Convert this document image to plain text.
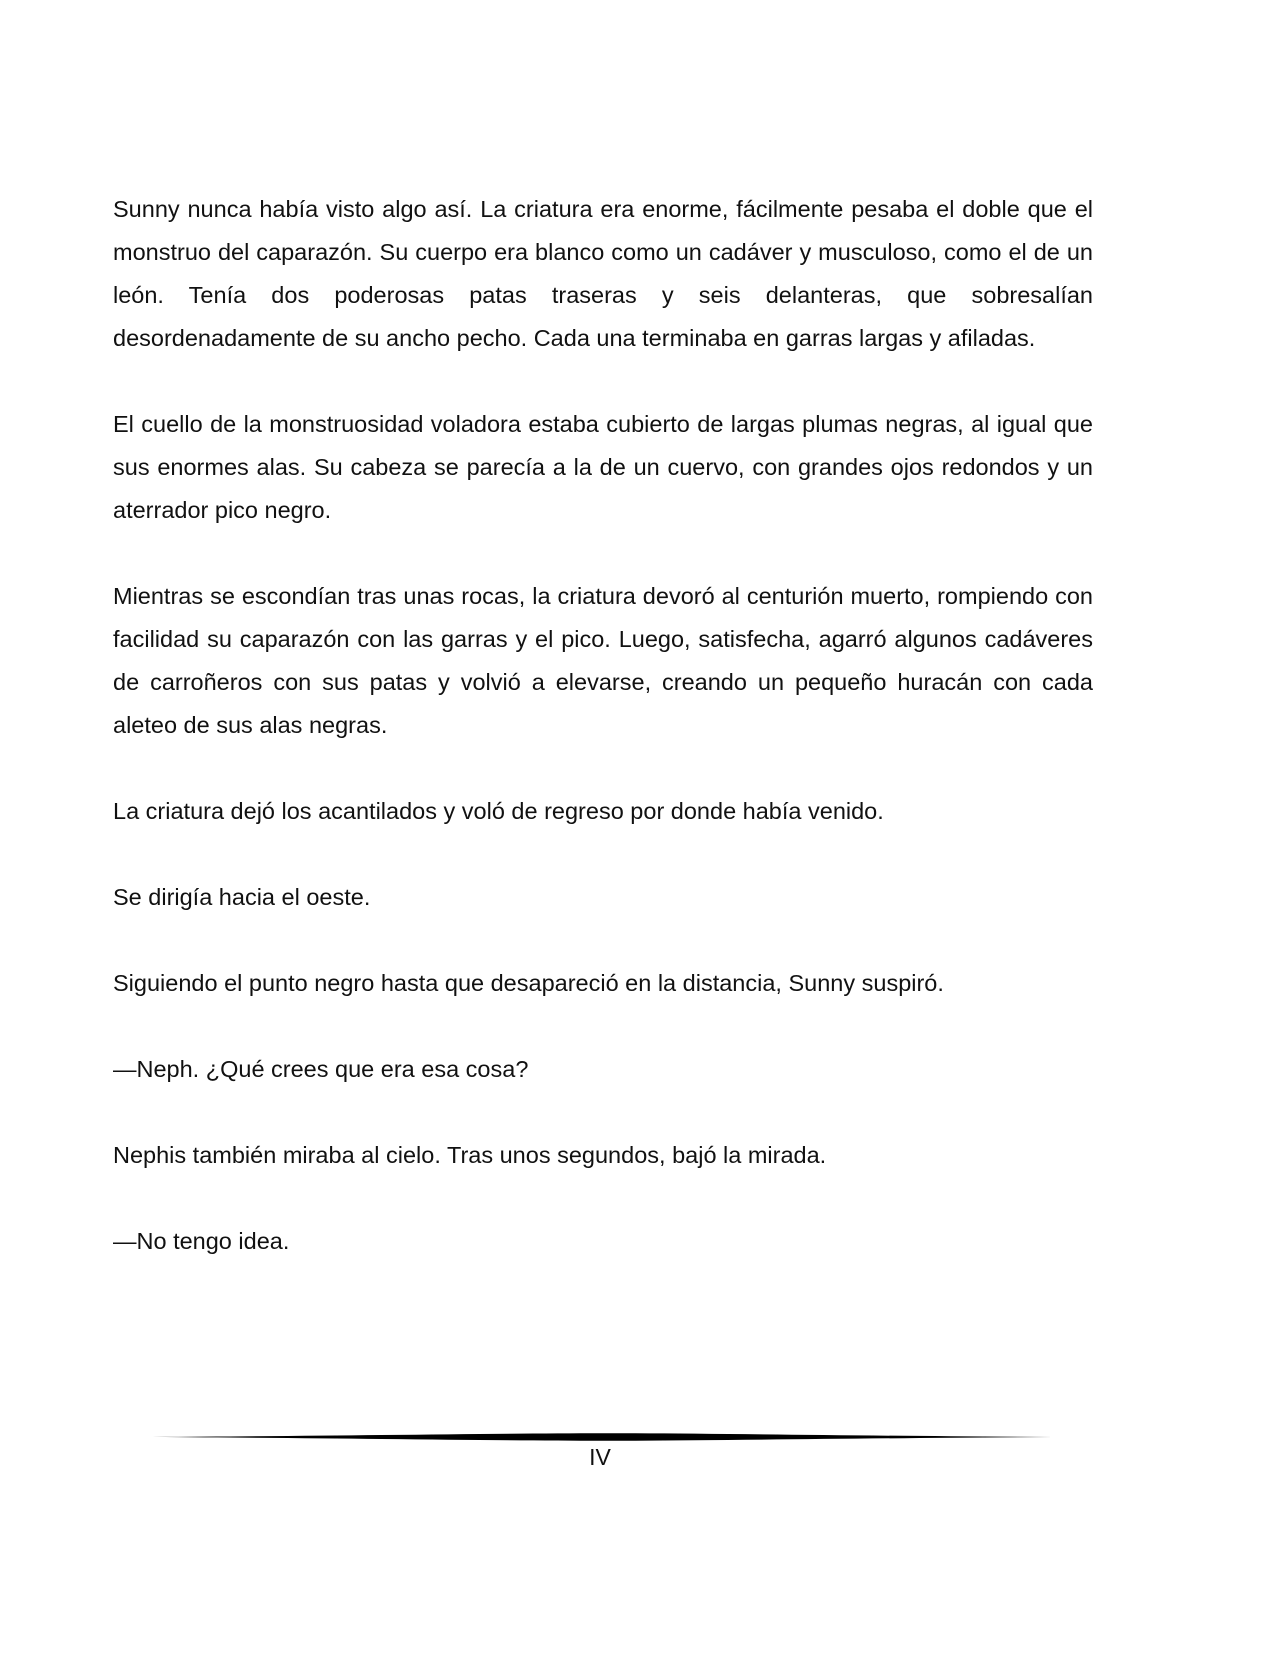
Sunny nunca había visto algo así. La criatura era enorme, fácilmente pesaba el doble que el monstruo del caparazón. Su cuerpo era blanco como un cadáver y musculoso, como el de un león. Tenía dos poderosas patas traseras y seis delanteras, que sobresalían desordenadamente de su ancho pecho. Cada una terminaba en garras largas y afiladas.

El cuello de la monstruosidad voladora estaba cubierto de largas plumas negras, al igual que sus enormes alas. Su cabeza se parecía a la de un cuervo, con grandes ojos redondos y un aterrador pico negro.

Mientras se escondían tras unas rocas, la criatura devoró al centurión muerto, rompiendo con facilidad su caparazón con las garras y el pico. Luego, satisfecha, agarró algunos cadáveres de carroñeros con sus patas y volvió a elevarse, creando un pequeño huracán con cada aleteo de sus alas negras.

La criatura dejó los acantilados y voló de regreso por donde había venido.

Se dirigía hacia el oeste.

Siguiendo el punto negro hasta que desapareció en la distancia, Sunny suspiró.

—Neph. ¿Qué crees que era esa cosa?

Nephis también miraba al cielo. Tras unos segundos, bajó la mirada.

—No tengo idea.

IV
